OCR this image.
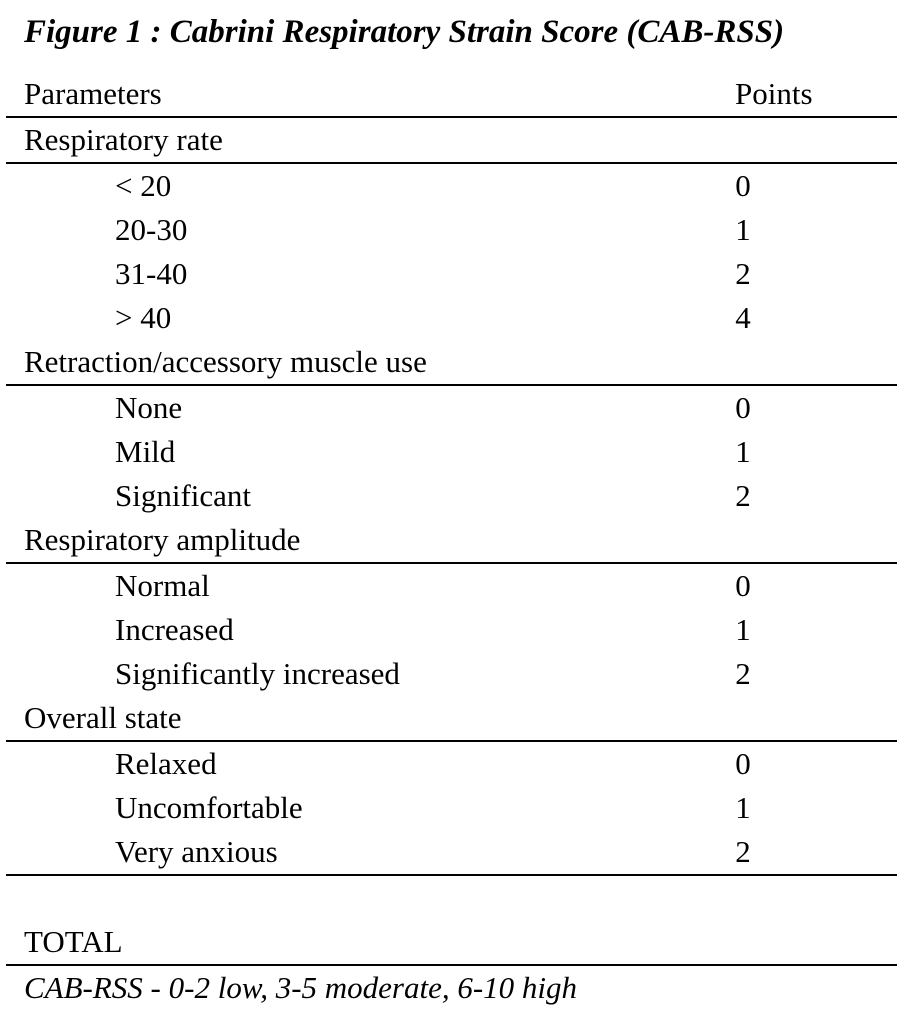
Figure 1 : Cabrini Respiratory Strain Score (CAB-RSS)
Parameters	Points
Respiratory rate
< 20	0
20-30	1
31-40	2
> 40	4
Retraction/accessory muscle use
None	0
Mild	1
Significant	2
Respiratory amplitude
Normal	0
Increased	1
Significantly increased	2
Overall state
Relaxed	0
Uncomfortable	1
Very anxious	2
TOTAL
CAB-RSS - 0-2 low, 3-5 moderate, 6-10 high
